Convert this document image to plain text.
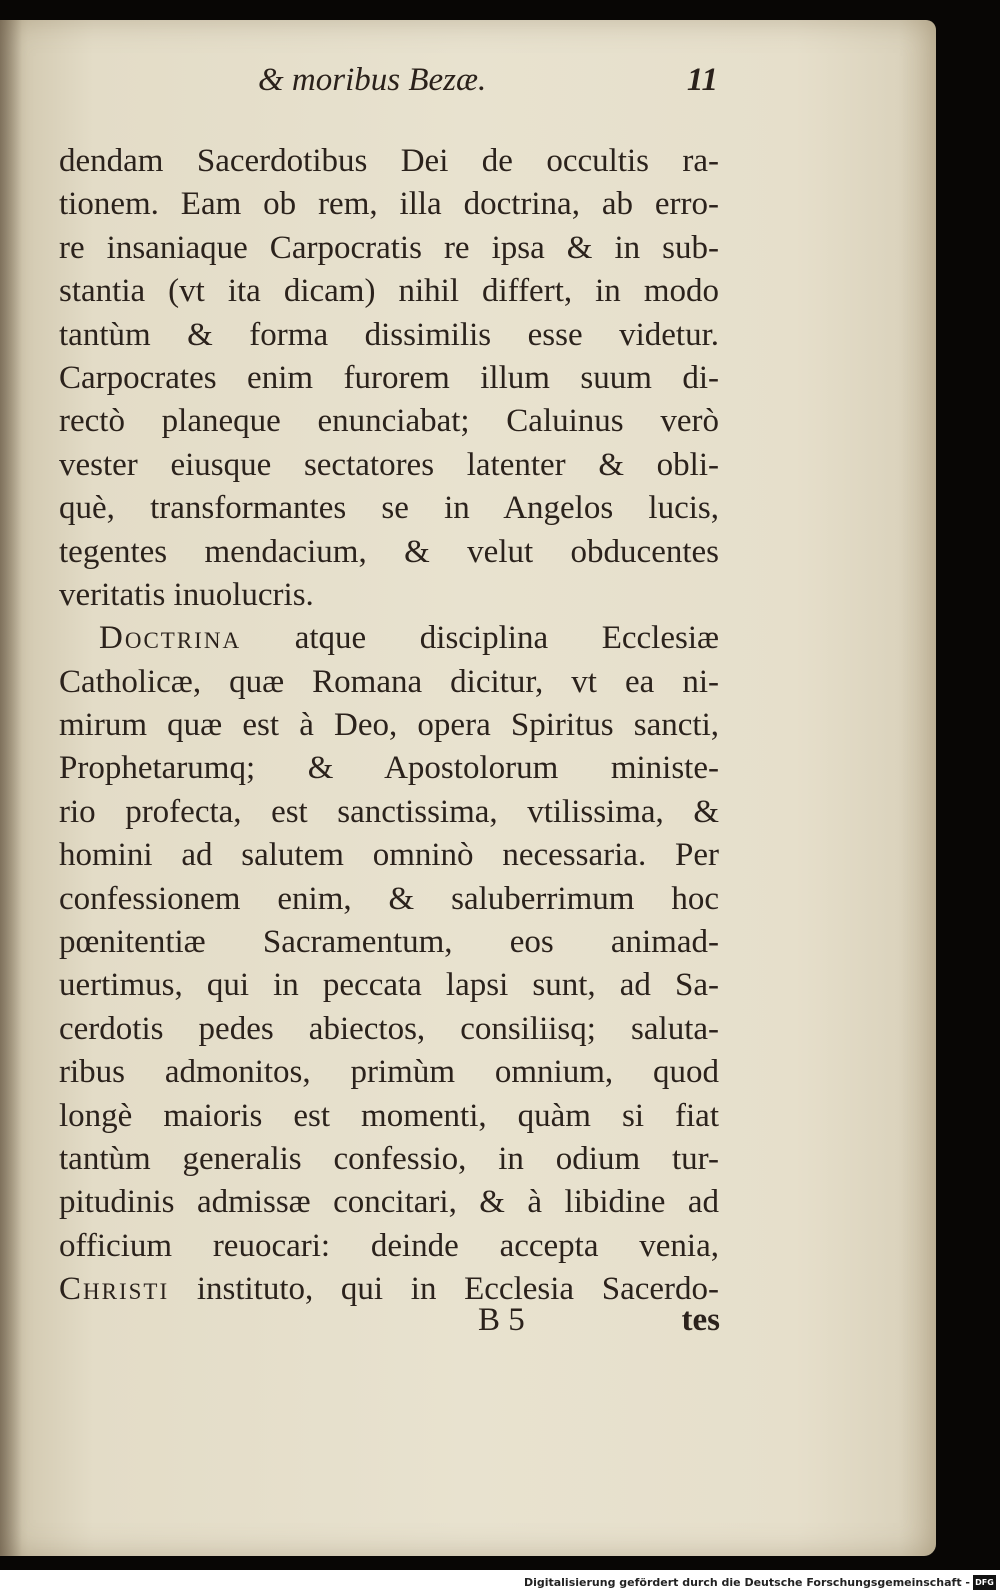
& moribus Bezæ.	11
dendam Sacerdotibus Dei de occultis ra-
tionem. Eam ob rem, illa doctrina, ab erro-
re insaniaque Carpocratis re ipsa & in sub-
stantia (vt ita dicam) nihil differt, in modo
tantùm & forma dissimilis esse videtur.
Carpocrates enim furorem illum suum di-
rectò planeque enunciabat; Caluinus verò
vester eiusque sectatores latenter & obli-
què, transformantes se in Angelos lucis,
tegentes mendacium, & velut obducentes
veritatis inuolucris.
Doctrina atque disciplina Ecclesiæ
Catholicæ, quæ Romana dicitur, vt ea ni-
mirum quæ est à Deo, opera Spiritus sancti,
Prophetarumq; & Apostolorum ministe-
rio profecta, est sanctissima, vtilissima, &
homini ad salutem omninò necessaria. Per
confessionem enim, & saluberrimum hoc
pœnitentiæ Sacramentum, eos animad-
uertimus, qui in peccata lapsi sunt, ad Sa-
cerdotis pedes abiectos, consiliisq; saluta-
ribus admonitos, primùm omnium, quod
longè maioris est momenti, quàm si fiat
tantùm generalis confessio, in odium tur-
pitudinis admissæ concitari, & à libidine ad
officium reuocari: deinde accepta venia,
Christi instituto, qui in Ecclesia Sacerdo-
B 5	tes
Digitalisierung gefördert durch die Deutsche Forschungsgemeinschaft - DFG
